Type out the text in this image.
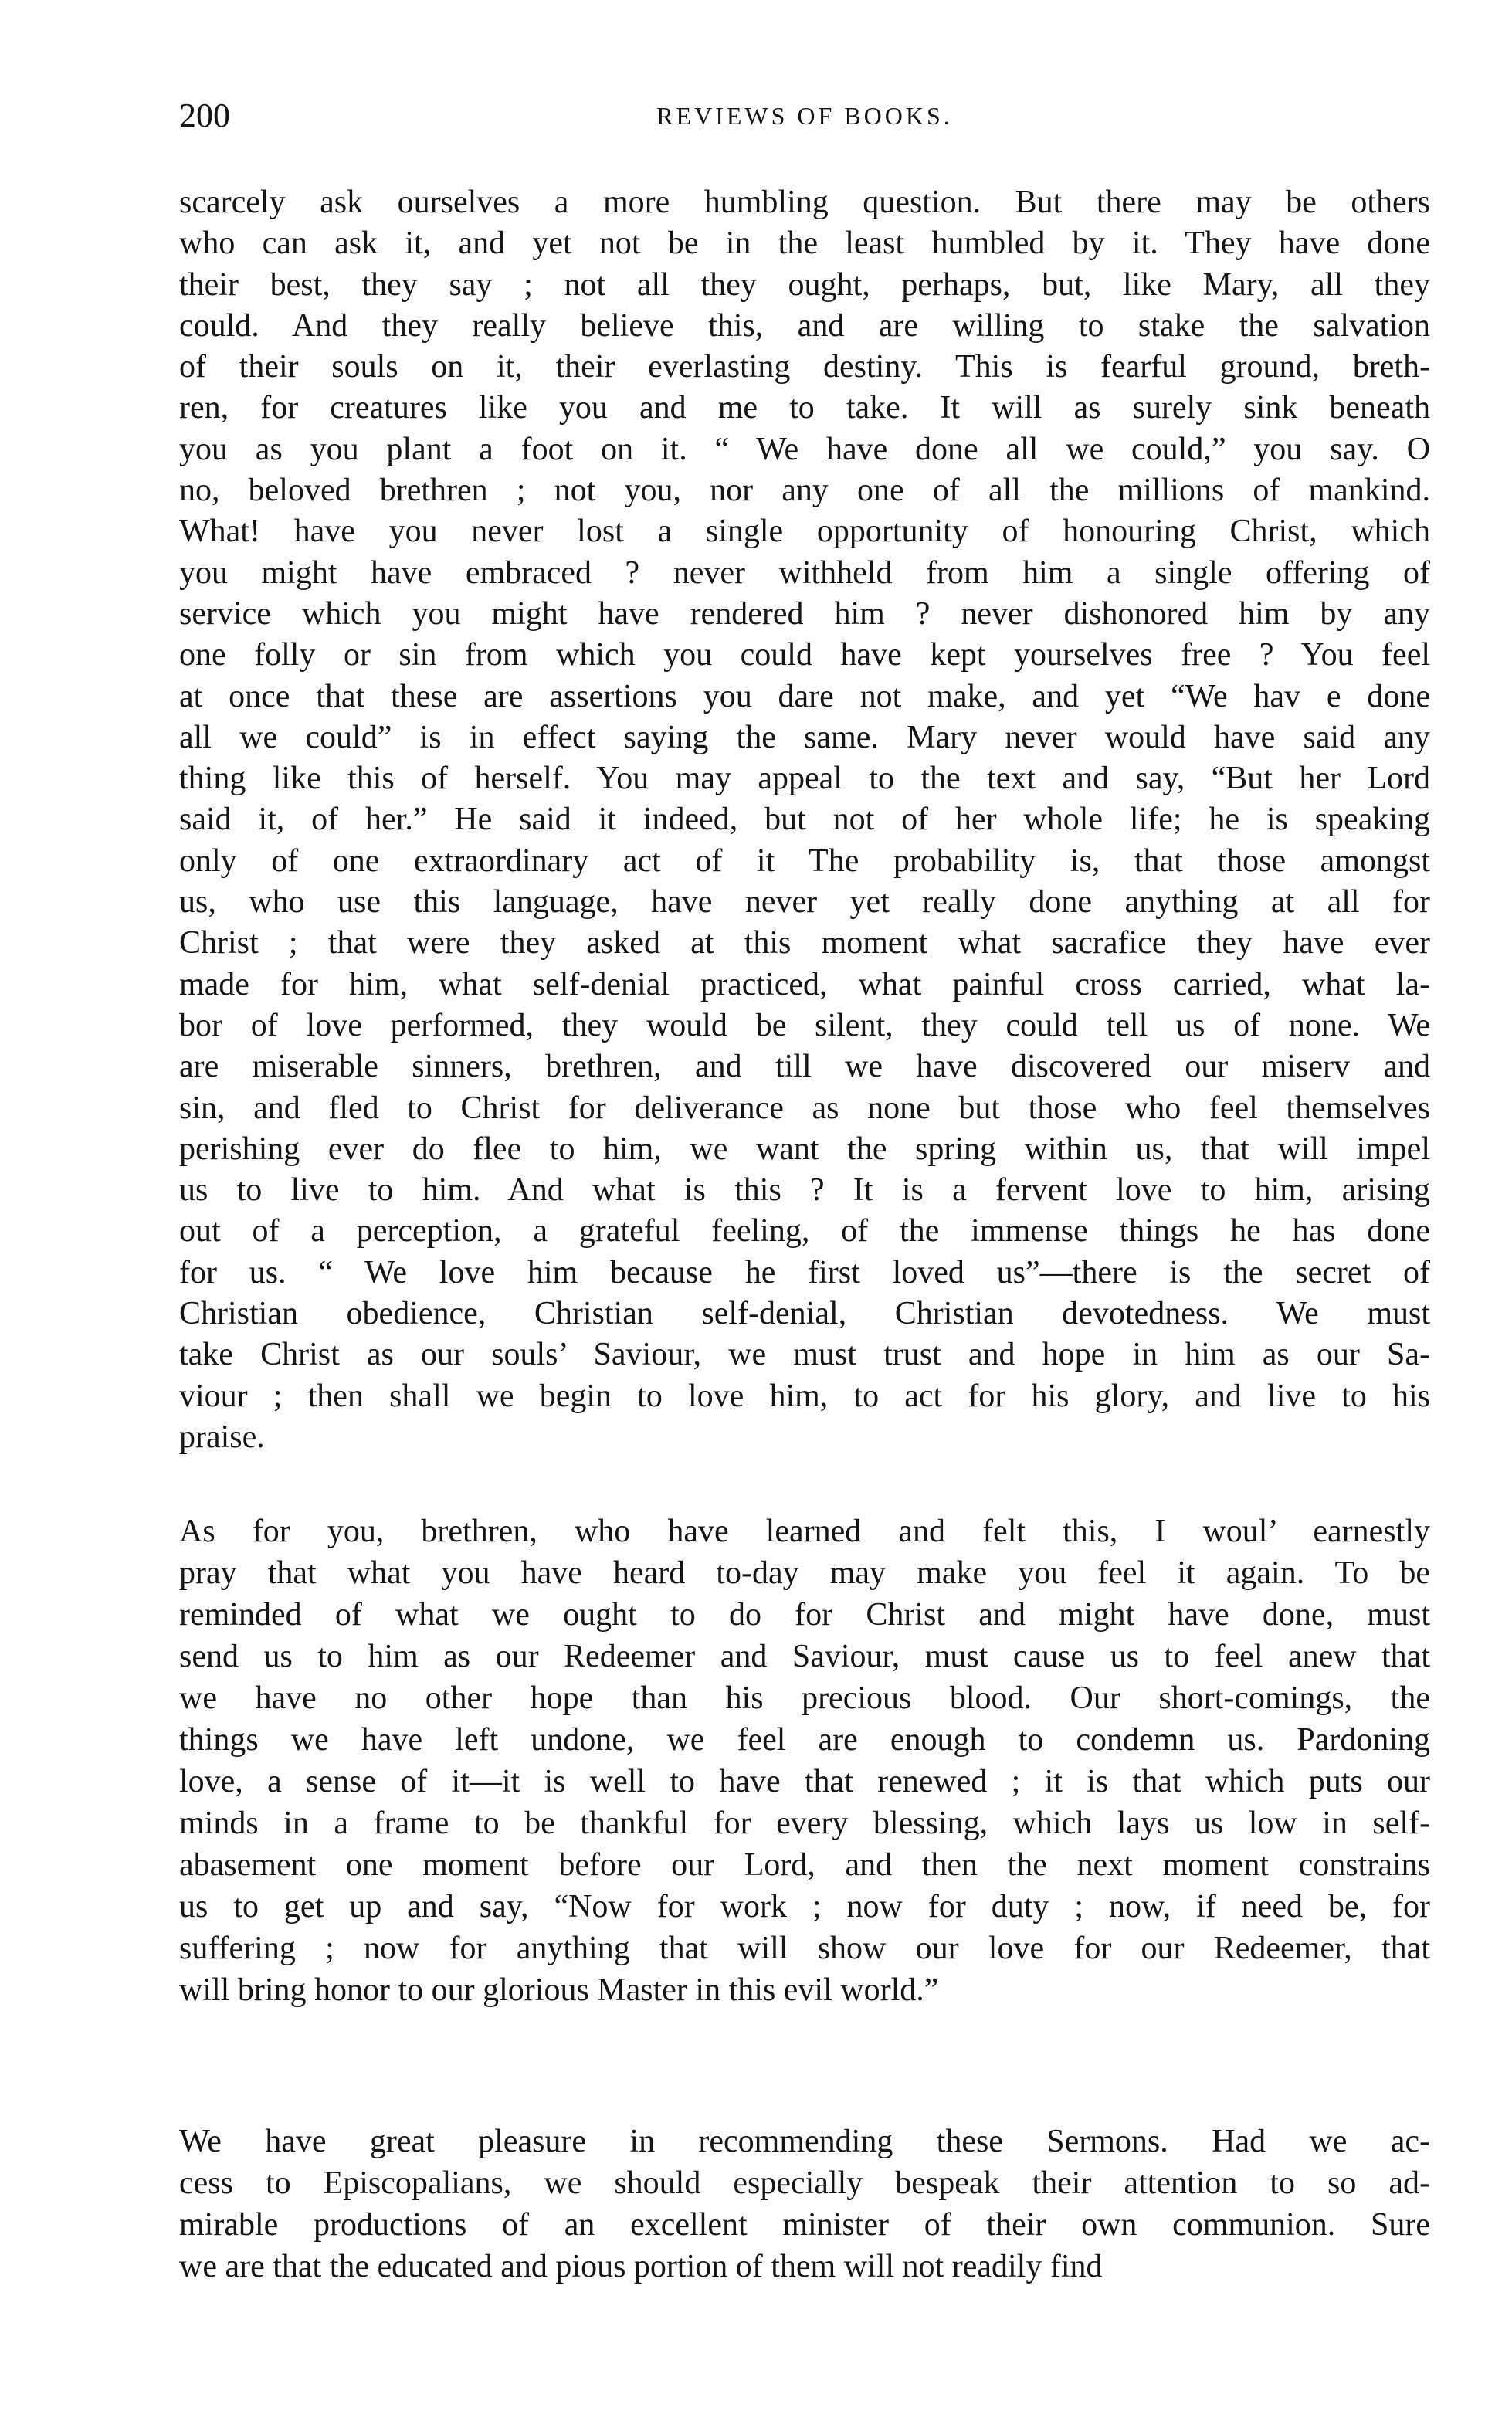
200	REVIEWS OF BOOKS.
scarcely ask ourselves a more humbling question. But there may be others
who can ask it, and yet not be in the least humbled by it. They have done
their best, they say ; not all they ought, perhaps, but, like Mary, all they
could. And they really believe this, and are willing to stake the salvation
of their souls on it, their everlasting destiny. This is fearful ground, breth-
ren, for creatures like you and me to take. It will as surely sink beneath
you as you plant a foot on it. “ We have done all we could,” you say. O
no, beloved brethren ; not you, nor any one of all the millions of mankind.
What! have you never lost a single opportunity of honouring Christ, which
you might have embraced ? never withheld from him a single offering of
service which you might have rendered him ? never dishonored him by any
one folly or sin from which you could have kept yourselves free ? You feel
at once that these are assertions you dare not make, and yet “We hav e done
all we could” is in effect saying the same. Mary never would have said any
thing like this of herself. You may appeal to the text and say, “But her Lord
said it, of her.” He said it indeed, but not of her whole life; he is speaking
only of one extraordinary act of it The probability is, that those amongst
us, who use this language, have never yet really done anything at all for
Christ ; that were they asked at this moment what sacrafice they have ever
made for him, what self-denial practiced, what painful cross carried, what la-
bor of love performed, they would be silent, they could tell us of none. We
are miserable sinners, brethren, and till we have discovered our miserv and
sin, and fled to Christ for deliverance as none but those who feel themselves
perishing ever do flee to him, we want the spring within us, that will impel
us to live to him. And what is this ? It is a fervent love to him, arising
out of a perception, a grateful feeling, of the immense things he has done
for us. “ We love him because he first loved us”—there is the secret of
Christian obedience, Christian self-denial, Christian devotedness. We must
take Christ as our souls’ Saviour, we must trust and hope in him as our Sa-
viour ; then shall we begin to love him, to act for his glory, and live to his
praise.
As for you, brethren, who have learned and felt this, I woul’ earnestly
pray that what you have heard to-day may make you feel it again. To be
reminded of what we ought to do for Christ and might have done, must
send us to him as our Redeemer and Saviour, must cause us to feel anew that
we have no other hope than his precious blood. Our short-comings, the
things we have left undone, we feel are enough to condemn us. Pardoning
love, a sense of it—it is well to have that renewed ; it is that which puts our
minds in a frame to be thankful for every blessing, which lays us low in self-
abasement one moment before our Lord, and then the next moment constrains
us to get up and say, “Now for work ; now for duty ; now, if need be, for
suffering ; now for anything that will show our love for our Redeemer, that
will bring honor to our glorious Master in this evil world.”
We have great pleasure in recommending these Sermons. Had we ac-
cess to Episcopalians, we should especially bespeak their attention to so ad-
mirable productions of an excellent minister of their own communion. Sure
we are that the educated and pious portion of them will not readily find
